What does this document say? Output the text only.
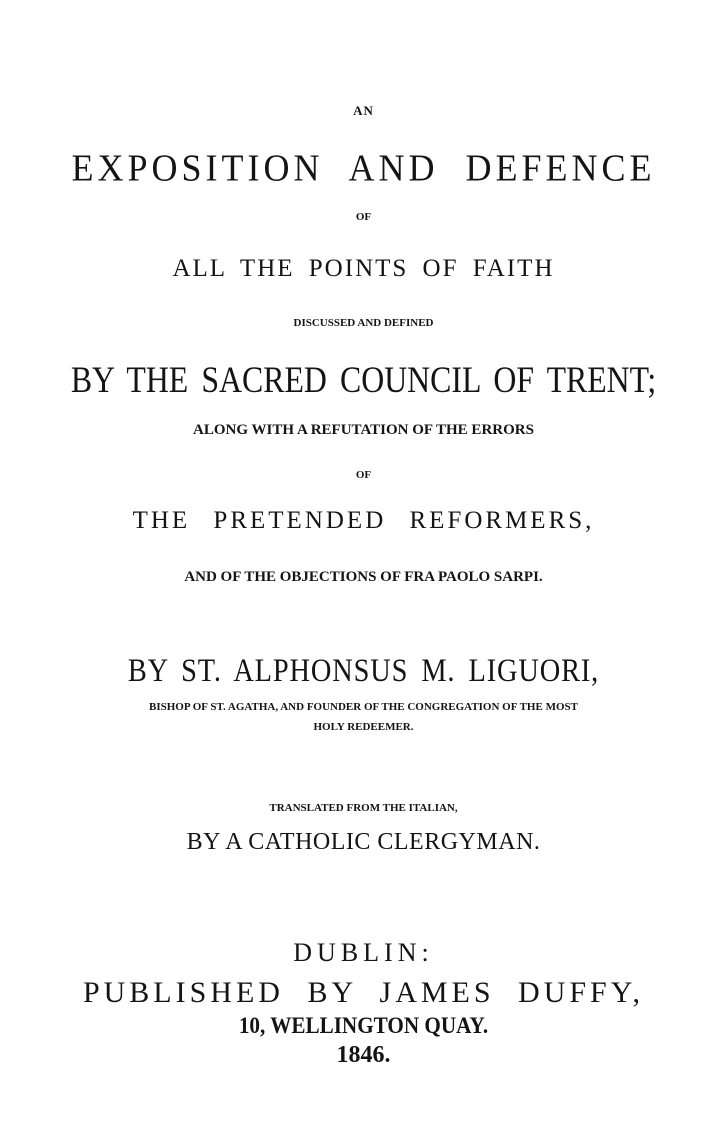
AN
EXPOSITION AND DEFENCE
OF
ALL THE POINTS OF FAITH
DISCUSSED AND DEFINED
BY THE SACRED COUNCIL OF TRENT;
ALONG WITH A REFUTATION OF THE ERRORS
OF
THE PRETENDED REFORMERS,
AND OF THE OBJECTIONS OF FRA PAOLO SARPI.
BY ST. ALPHONSUS M. LIGUORI,
BISHOP OF ST. AGATHA, AND FOUNDER OF THE CONGREGATION OF THE MOST
HOLY REDEEMER.
TRANSLATED FROM THE ITALIAN,
BY A CATHOLIC CLERGYMAN.
DUBLIN:
PUBLISHED BY JAMES DUFFY,
10, WELLINGTON QUAY.
1846.
